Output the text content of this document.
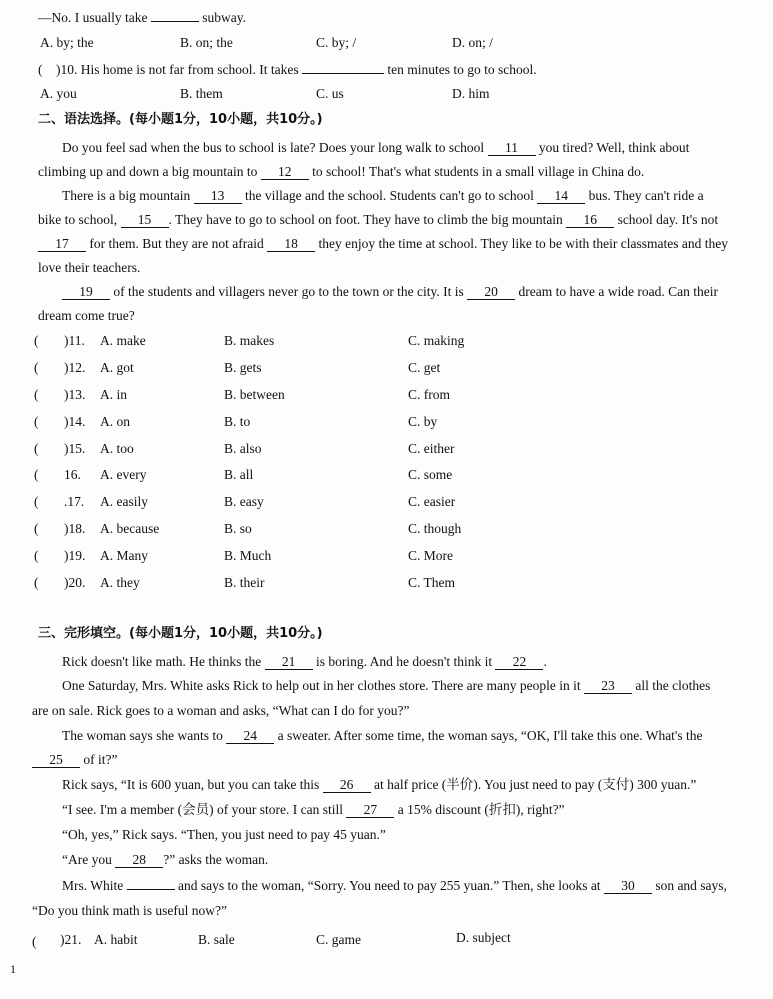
—No. I usually take	subway.
A. by; the	B. on; the	C. by; /	D. on; /
( )10. His home is not far from school. It takes	ten minutes to go to school.
A. you	B. them	C. us	D. him
二、语法选择。(每小题1分，10小题，共10分。)
Do you feel sad when the bus to school is late? Does your long walk to school 11 you tired? Well, think about
climbing up and down a big mountain to 12 to school! That's what students in a small village in China do.
There is a big mountain 13 the village and the school. Students can't go to school 14 bus. They can't ride a
bike to school, 15 . They have to go to school on foot. They have to climb the big mountain 16 school day. It's not
17 for them. But they are not afraid 18 they enjoy the time at school. They like to be with their classmates and they
love their teachers.
19 of the students and villagers never go to the town or the city. It is 20 dream to have a wide road. Can their
dream come true?
( )11. A. make	B. makes	C. making
( )12. A. got	B. gets	C. get
( )13. A. in	B. between	C. from
( )14. A. on	B. to	C. by
( )15. A. too	B. also	C. either
( 16. A. every	B. all	C. some
( .17. A. easily	B. easy	C. easier
( )18. A. because	B. so	C. though
( )19. A. Many	B. Much	C. More
( )20. A. they	B. their	C. Them
三、完形填空。(每小题1分，10小题，共10分。)
Rick doesn't like math. He thinks the 21 is boring. And he doesn't think it 22 .
One Saturday, Mrs. White asks Rick to help out in her clothes store. There are many people in it 23 all the clothes
are on sale. Rick goes to a woman and asks, “What can I do for you?”
The woman says she wants to 24 a sweater. After some time, the woman says, “OK, I'll take this one. What's the
25 of it?”
Rick says, “It is 600 yuan, but you can take this 26 at half price (半价). You just need to pay (支付) 300 yuan.”
“I see. I'm a member (会员) of your store. I can still 27 a 15% discount (折扣), right?”
“Oh, yes,” Rick says. “Then, you just need to pay 45 yuan.”
“Are you 28 ?” asks the woman.
Mrs. White	and says to the woman, “Sorry. You need to pay 255 yuan.” Then, she looks at 30 son and says,
“Do you think math is useful now?”
( )21. A. habit	B. sale	C. game	D. subject
1
